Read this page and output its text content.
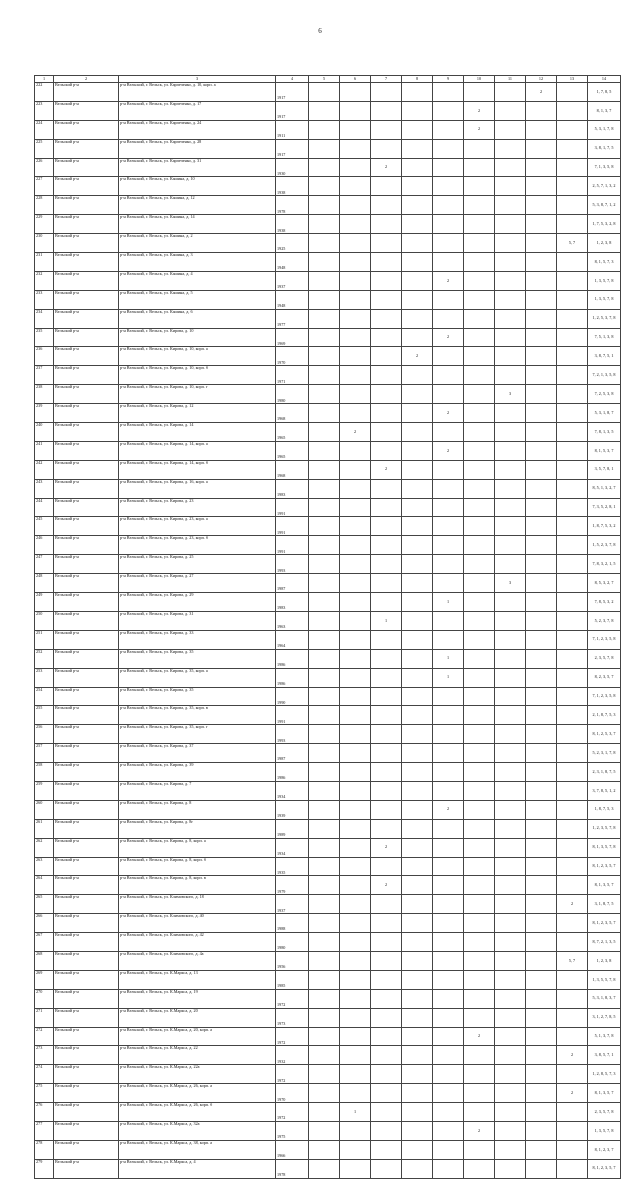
6
1	2	3	4	5	6	7	8	9	10	11	12	13	14
222	Вельский р-н	р-н Вельский, г. Вельск, ул. Карпеченко, д. 10, корп. а	1917								2		1, 7, 8, 5
223	Вельский р-н	р-н Вельский, г. Вельск, ул. Карпеченко, д. 17	1917						2				8, 1, 3, 7
224	Вельский р-н	р-н Вельский, г. Вельск, ул. Карпеченко, д. 24	1911						2				5, 3, 1, 7, 8
225	Вельский р-н	р-н Вельский, г. Вельск, ул. Карпеченко, д. 28	1917										3, 8, 1, 7, 5
226	Вельский р-н	р-н Вельский, г. Вельск, ул. Карпеченко, д. 31	1930			2							7, 1, 3, 5, 8
227	Вельский р-н	р-н Вельский, г. Вельск, ул. Кашина, д. 10	1938										2, 5, 7, 1, 3, 2
228	Вельский р-н	р-н Вельский, г. Вельск, ул. Кашина, д. 12	1978										5, 3, 8, 7, 1, 2
229	Вельский р-н	р-н Вельский, г. Вельск, ул. Кашина, д. 14	1938										1, 7, 5, 3, 2, 8
230	Вельский р-н	р-н Вельский, г. Вельск, ул. Кашина, д. 2	1925									5, 7	1, 2, 3, 8
231	Вельский р-н	р-н Вельский, г. Вельск, ул. Кашина, д. 3	1948										8, 1, 5, 7, 3
232	Вельский р-н	р-н Вельский, г. Вельск, ул. Кашина, д. 4	1937					2					1, 3, 5, 7, 8
233	Вельский р-н	р-н Вельский, г. Вельск, ул. Кашина, д. 5	1948										1, 3, 5, 7, 8
234	Вельский р-н	р-н Вельский, г. Вельск, ул. Кашина, д. 6	1977										1, 2, 5, 3, 7, 8
235	Вельский р-н	р-н Вельский, г. Вельск, ул. Кирова, д. 10	1969					2					7, 5, 1, 3, 8
236	Вельский р-н	р-н Вельский, г. Вельск, ул. Кирова, д. 10, корп. а	1970				2						3, 8, 7, 5, 1
237	Вельский р-н	р-н Вельский, г. Вельск, ул. Кирова, д. 10, корп. б	1971										7, 2, 1, 3, 5, 8
238	Вельский р-н	р-н Вельский, г. Вельск, ул. Кирова, д. 10, корп. г	1980							3			7, 2, 5, 3, 8
239	Вельский р-н	р-н Вельский, г. Вельск, ул. Кирова, д. 12	1968					2					5, 3, 1, 8, 7
240	Вельский р-н	р-н Вельский, г. Вельск, ул. Кирова, д. 14	1965		2								7, 8, 1, 3, 5
241	Вельский р-н	р-н Вельский, г. Вельск, ул. Кирова, д. 14, корп. а	1965					2					8, 1, 5, 3, 7
242	Вельский р-н	р-н Вельский, г. Вельск, ул. Кирова, д. 14, корп. б	1968			2							3, 5, 7, 8, 1
243	Вельский р-н	р-н Вельский, г. Вельск, ул. Кирова, д. 16, корп. а	1983										8, 5, 1, 3, 2, 7
244	Вельский р-н	р-н Вельский, г. Вельск, ул. Кирова, д. 23	1991										7, 3, 5, 2, 8, 1
245	Вельский р-н	р-н Вельский, г. Вельск, ул. Кирова, д. 23, корп. а	1991										1, 8, 7, 5, 3, 2
246	Вельский р-н	р-н Вельский, г. Вельск, ул. Кирова, д. 23, корп. б	1991										1, 5, 2, 3, 7, 8
247	Вельский р-н	р-н Вельский, г. Вельск, ул. Кирова, д. 25	1993										7, 8, 3, 2, 1, 5
248	Вельский р-н	р-н Вельский, г. Вельск, ул. Кирова, д. 27	1987							3			8, 5, 3, 2, 7
249	Вельский р-н	р-н Вельский, г. Вельск, ул. Кирова, д. 29	1983					1					7, 8, 5, 3, 2
250	Вельский р-н	р-н Вельский, г. Вельск, ул. Кирова, д. 31	1963			1							5, 2, 3, 7, 8
251	Вельский р-н	р-н Вельский, г. Вельск, ул. Кирова, д. 33	1964										7, 1, 2, 3, 5, 8
252	Вельский р-н	р-н Вельский, г. Вельск, ул. Кирова, д. 35	1986					1					2, 3, 5, 7, 8
253	Вельский р-н	р-н Вельский, г. Вельск, ул. Кирова, д. 35, корп. а	1986					1					8, 2, 3, 5, 7
254	Вельский р-н	р-н Вельский, г. Вельск, ул. Кирова, д. 35	1990										7, 1, 2, 3, 5, 8
255	Вельский р-н	р-н Вельский, г. Вельск, ул. Кирова, д. 35, корп. в	1991										2, 1, 8, 7, 5, 3
256	Вельский р-н	р-н Вельский, г. Вельск, ул. Кирова, д. 35, корп. г	1993										8, 1, 2, 5, 3, 7
257	Вельский р-н	р-н Вельский, г. Вельск, ул. Кирова, д. 37	1987										5, 2, 3, 1, 7, 8
258	Вельский р-н	р-н Вельский, г. Вельск, ул. Кирова, д. 39	1986										2, 3, 1, 8, 7, 5
259	Вельский р-н	р-н Вельский, г. Вельск, ул. Кирова, д. 7	1934										3, 7, 8, 5, 1, 2
260	Вельский р-н	р-н Вельский, г. Вельск, ул. Кирова, д. 8	1939					2					1, 8, 7, 5, 3
261	Вельский р-н	р-н Вельский, г. Вельск, ул. Кирова, д. 8г	1989										1, 2, 3, 5, 7, 8
262	Вельский р-н	р-н Вельский, г. Вельск, ул. Кирова, д. 8, корп. а	1934			2							8, 1, 3, 5, 7, 8
263	Вельский р-н	р-н Вельский, г. Вельск, ул. Кирова, д. 8, корп. б	1935										8, 1, 2, 3, 5, 7
264	Вельский р-н	р-н Вельский, г. Вельск, ул. Кирова, д. 8, корп. в	1979			2							8, 1, 3, 5, 7
265	Вельский р-н	р-н Вельский, г. Вельск, ул. Климовского, д. 18	1937									2	3, 1, 8, 7, 5
266	Вельский р-н	р-н Вельский, г. Вельск, ул. Климовского, д. 40	1988										8, 1, 2, 3, 5, 7
267	Вельский р-н	р-н Вельский, г. Вельск, ул. Климовского, д. 42	1980										8, 7, 2, 1, 3, 5
268	Вельский р-н	р-н Вельский, г. Вельск, ул. Климовского, д. 4а	1956									5, 7	1, 2, 3, 8
269	Вельский р-н	р-н Вельский, г. Вельск, ул. К.Маркса, д. 13	1985										1, 3, 5, 5, 7, 8
270	Вельский р-н	р-н Вельский, г. Вельск, ул. К.Маркса, д. 19	1972										5, 3, 1, 8, 3, 7
271	Вельский р-н	р-н Вельский, г. Вельск, ул. К.Маркса, д. 20	1973										3, 1, 2, 7, 8, 5
272	Вельский р-н	р-н Вельский, г. Вельск, ул. К.Маркса, д. 20, корп. а	1972						2				5, 1, 3, 7, 8
273	Вельский р-н	р-н Вельский, г. Вельск, ул. К.Маркса, д. 22	1932									2	3, 8, 5, 7, 1
274	Вельский р-н	р-н Вельский, г. Вельск, ул. К.Маркса, д. 22а	1972										1, 2, 8, 5, 7, 3
275	Вельский р-н	р-н Вельский, г. Вельск, ул. К.Маркса, д. 26, корп. а	1970									2	8, 1, 3, 5, 7
276	Вельский р-н	р-н Вельский, г. Вельск, ул. К.Маркса, д. 26, корп. б	1972		1								2, 3, 5, 7, 8
277	Вельский р-н	р-н Вельский, г. Вельск, ул. К.Маркса, д. 32а	1975						2				1, 3, 5, 7, 8
278	Вельский р-н	р-н Вельский, г. Вельск, ул. К.Маркса, д. 38, корп. а	1966										8, 1, 2, 3, 7
279	Вельский р-н	р-н Вельский, г. Вельск, ул. К.Маркса, д. 4	1978										8, 1, 2, 3, 5, 7
